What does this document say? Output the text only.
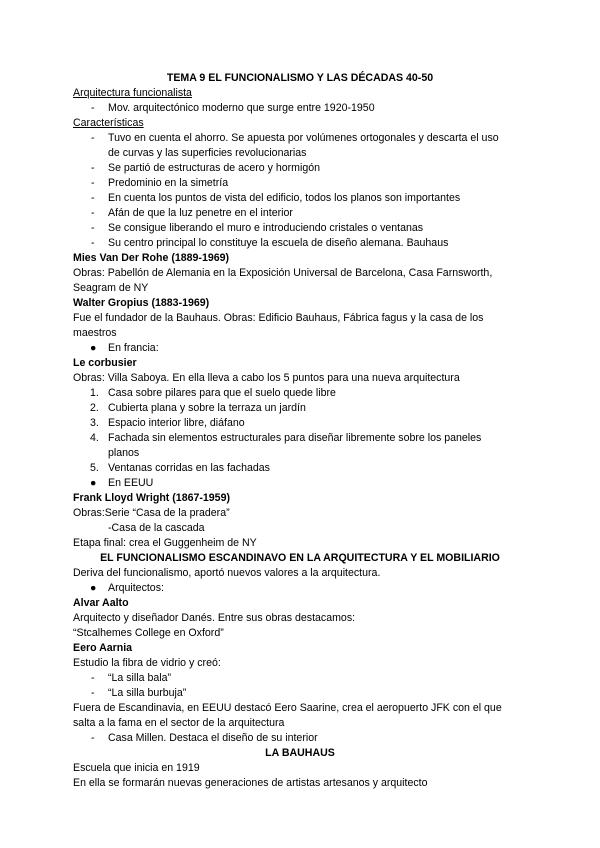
TEMA 9 EL FUNCIONALISMO Y LAS DÉCADAS 40-50
Arquitectura funcionalista
- Mov. arquitectónico moderno que surge entre 1920-1950
Características
- Tuvo en cuenta el ahorro. Se apuesta por volúmenes ortogonales y descarta el uso
de curvas y las superficies revolucionarias
- Se partió de estructuras de acero y hormigón
- Predominio en la simetría
- En cuenta los puntos de vista del edificio, todos los planos son importantes
- Afán de que la luz penetre en el interior
- Se consigue liberando el muro e introduciendo cristales o ventanas
- Su centro principal lo constituye la escuela de diseño alemana. Bauhaus
Mies Van Der Rohe (1889-1969)
Obras: Pabellón de Alemania en la Exposición Universal de Barcelona, Casa Farnsworth,
Seagram de NY
Walter Gropius (1883-1969)
Fue el fundador de la Bauhaus. Obras: Edificio Bauhaus, Fábrica fagus y la casa de los
maestros
● En francia:
Le corbusier
Obras: Villa Saboya. En ella lleva a cabo los 5 puntos para una nueva arquitectura
1. Casa sobre pilares para que el suelo quede libre
2. Cubierta plana y sobre la terraza un jardín
3. Espacio interior libre, diáfano
4. Fachada sin elementos estructurales para diseñar libremente sobre los paneles
planos
5. Ventanas corridas en las fachadas
● En EEUU
Frank Lloyd Wright (1867-1959)
Obras:Serie “Casa de la pradera”
-Casa de la cascada
Etapa final: crea el Guggenheim de NY
EL FUNCIONALISMO ESCANDINAVO EN LA ARQUITECTURA Y EL MOBILIARIO
Deriva del funcionalismo, aportó nuevos valores a la arquitectura.
● Arquitectos:
Alvar Aalto
Arquitecto y diseñador Danés. Entre sus obras destacamos:
“Stcalhemes College en Oxford”
Eero Aarnia
Estudio la fibra de vidrio y creó:
- “La silla bala”
- “La silla burbuja”
Fuera de Escandinavia, en EEUU destacó Eero Saarine, crea el aeropuerto JFK con el que
salta a la fama en el sector de la arquitectura
- Casa Millen. Destaca el diseño de su interior
LA BAUHAUS
Escuela que inicia en 1919
En ella se formarán nuevas generaciones de artistas artesanos y arquitecto
